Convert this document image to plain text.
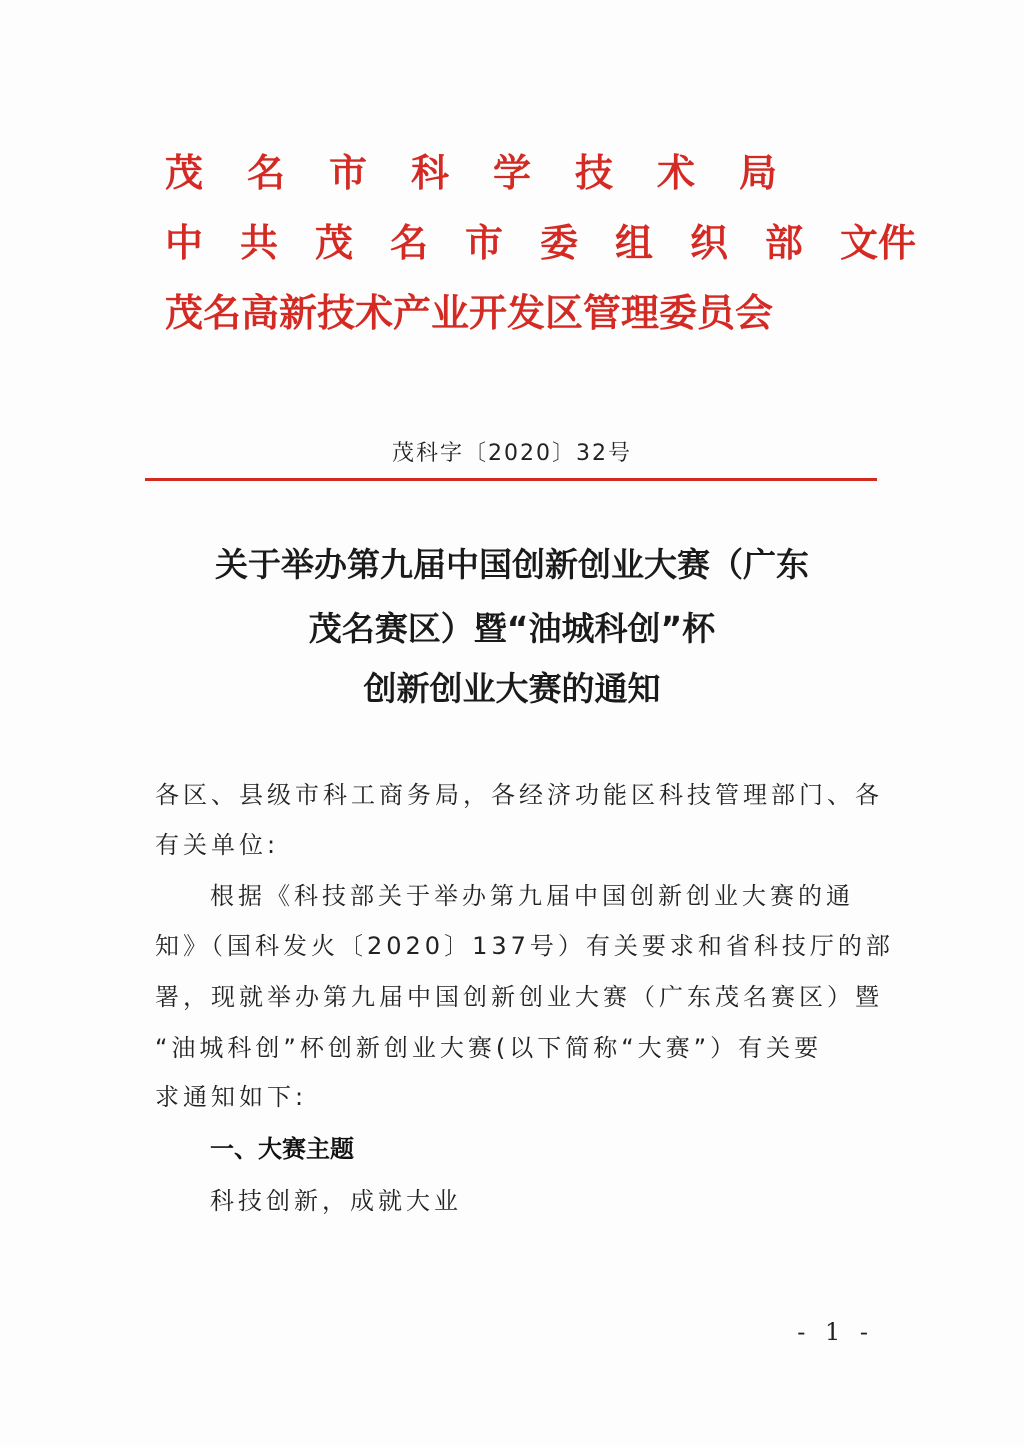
茂名市科学技术局
中共茂名市委组织部文件
茂名高新技术产业开发区管理委员会
茂科字〔2020〕32号
关于举办第九届中国创新创业大赛（广东
茂名赛区）暨“油城科创”杯
创新创业大赛的通知
各区、县级市科工商务局，各经济功能区科技管理部门、各
有关单位:
根据《科技部关于举办第九届中国创新创业大赛的通
知》（国科发火〔2020〕137号）有关要求和省科技厅的部
署，现就举办第九届中国创新创业大赛（广东茂名赛区）暨
“油城科创”杯创新创业大赛(以下简称“大赛”）有关要
求通知如下:
一、大赛主题
科技创新，成就大业
- 1 -
